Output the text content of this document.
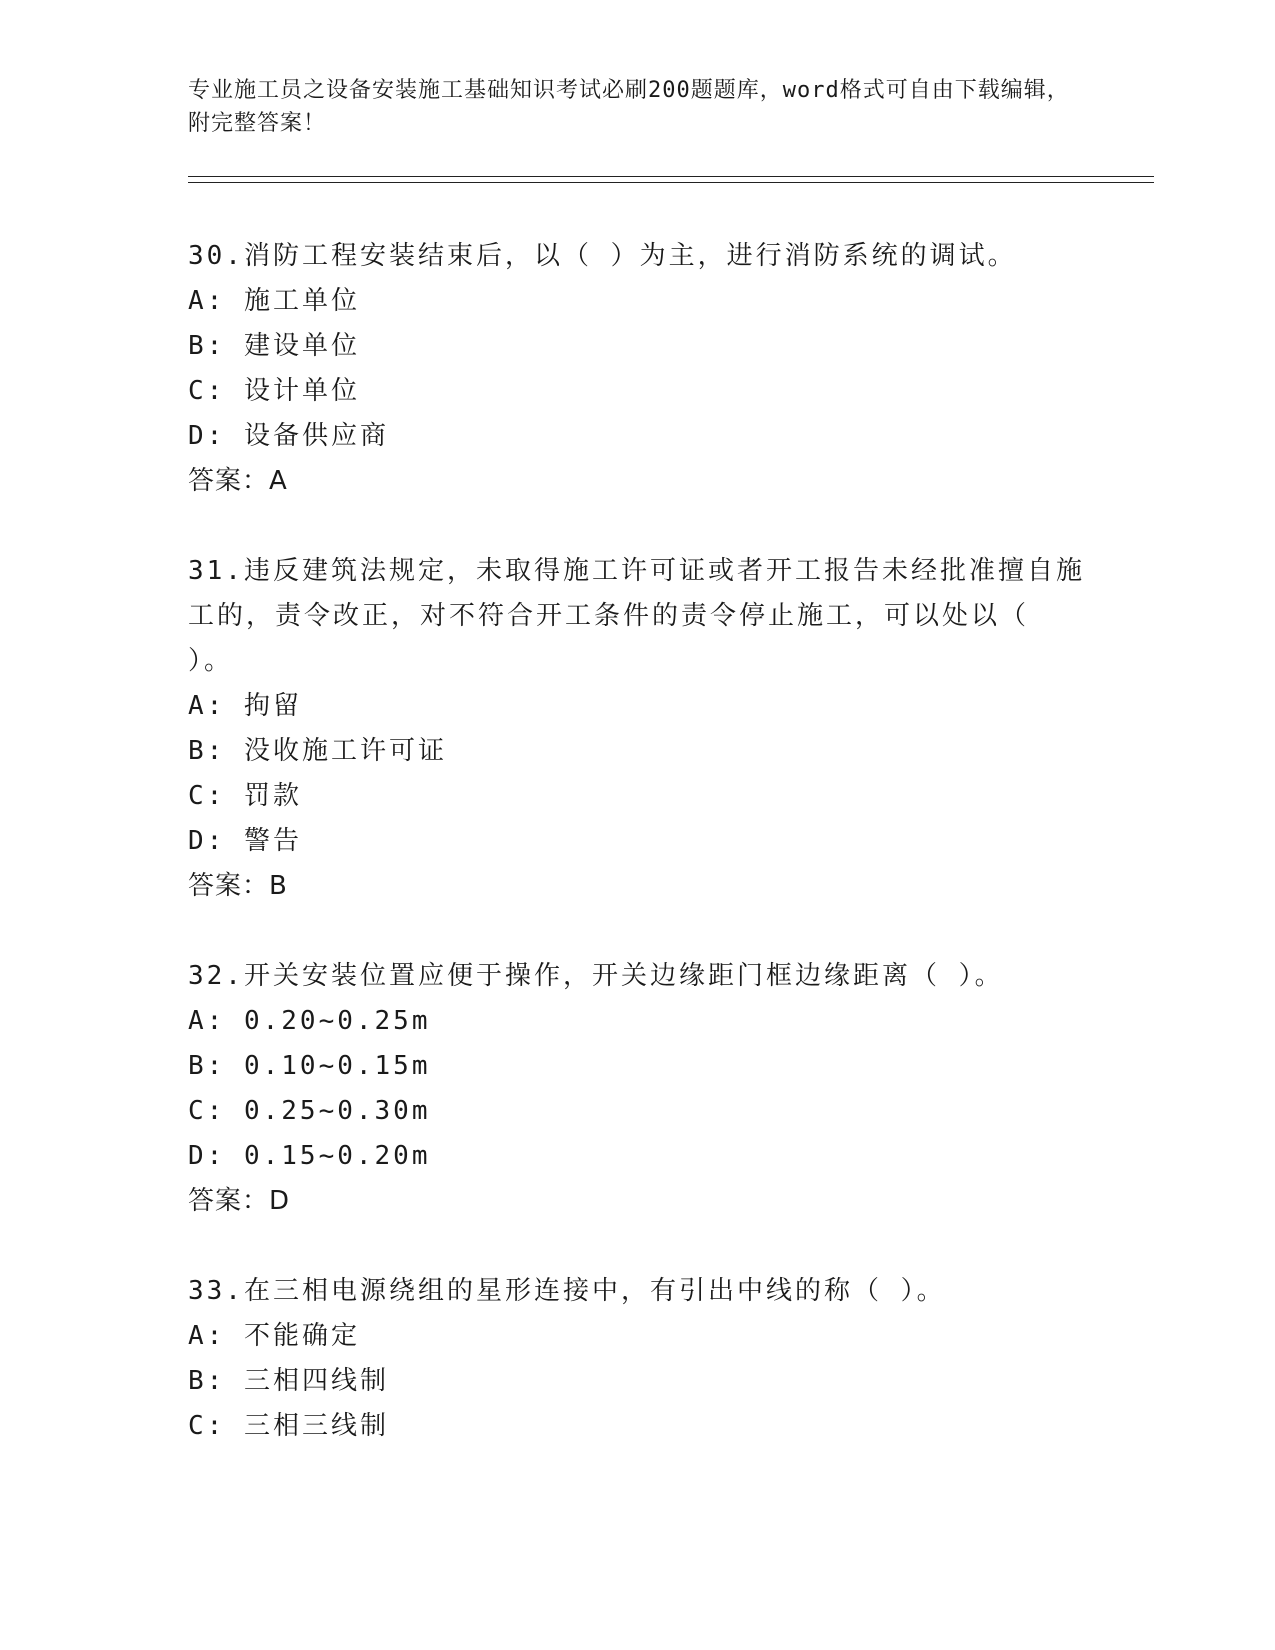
专业施工员之设备安装施工基础知识考试必刷200题题库，word格式可自由下载编辑，附完整答案！
30.消防工程安装结束后，以（ ）为主，进行消防系统的调试。
A: 施工单位
B: 建设单位
C: 设计单位
D: 设备供应商
答案：A
31.违反建筑法规定，未取得施工许可证或者开工报告未经批准擅自施工的，责令改正，对不符合开工条件的责令停止施工，可以处以（ ）。
A: 拘留
B: 没收施工许可证
C: 罚款
D: 警告
答案：B
32.开关安装位置应便于操作，开关边缘距门框边缘距离（ ）。
A: 0.20~0.25m
B: 0.10~0.15m
C: 0.25~0.30m
D: 0.15~0.20m
答案：D
33.在三相电源绕组的星形连接中，有引出中线的称（ ）。
A: 不能确定
B: 三相四线制
C: 三相三线制
